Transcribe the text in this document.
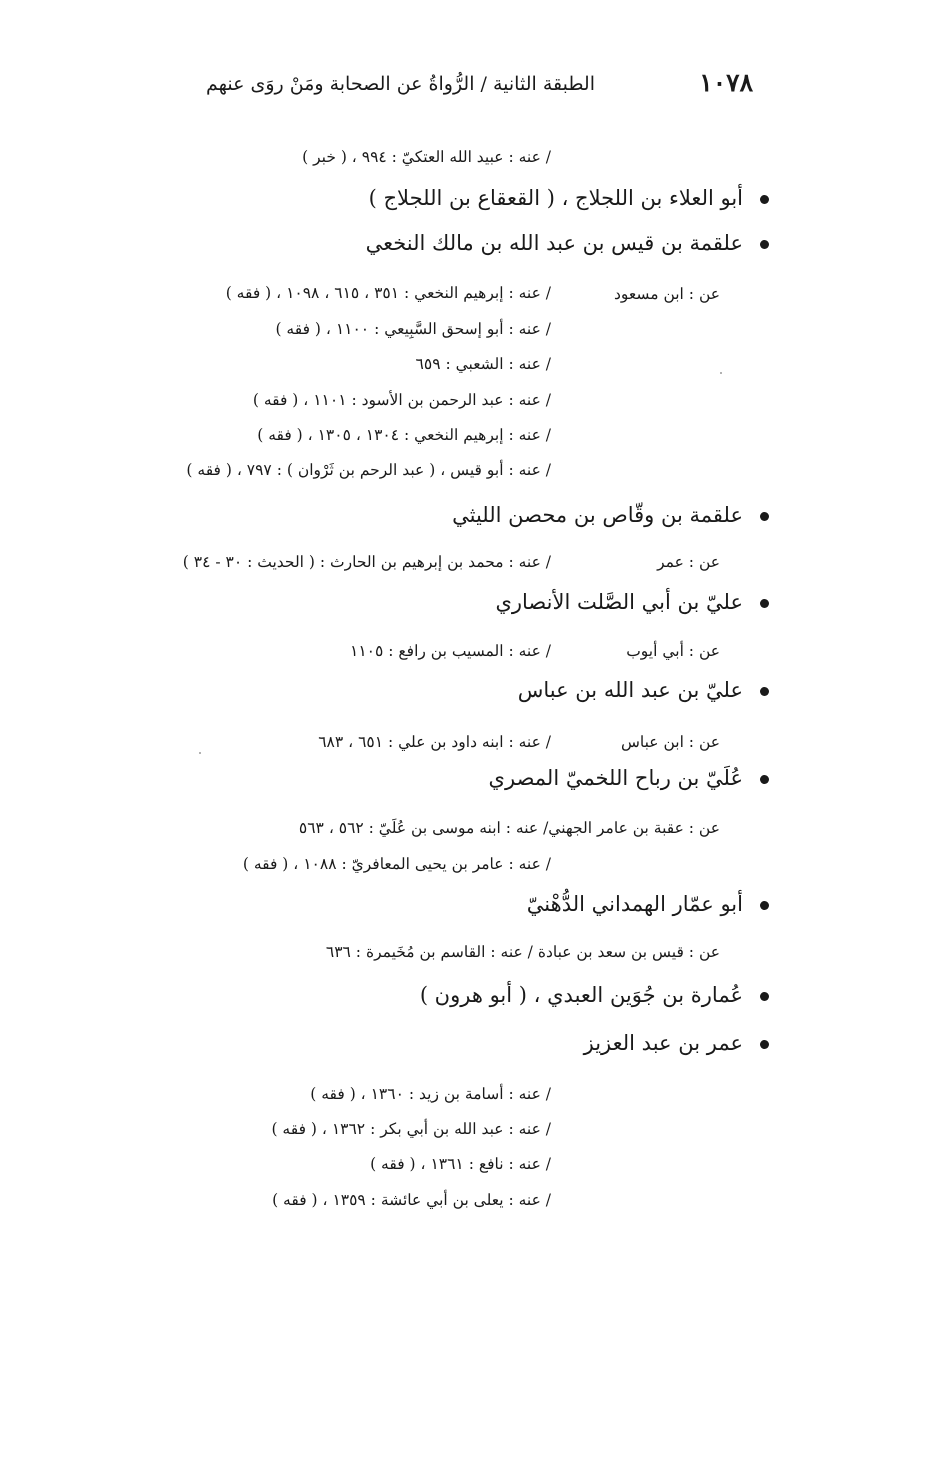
١٠٧٨
الطبقة الثانية / الرُّواةُ عن الصحابة ومَنْ روَى عنهم
/ عنه : عبيد الله العتكيّ : ٩٩٤ ، ( خبر )
أبو العلاء بن اللجلاج ، ( القعقاع بن اللجلاج )
علقمة بن قيس بن عبد الله بن مالك النخعي
عن : ابن مسعود
/ عنه : إبرهيم النخعي : ٣٥١ ، ٦١٥ ، ١٠٩٨ ، ( فقه )
/ عنه : أبو إسحق السَّبِيعي : ١١٠٠ ، ( فقه )
/ عنه : الشعبي : ٦٥٩
/ عنه : عبد الرحمن بن الأسود : ١١٠١ ، ( فقه )
/ عنه : إبرهيم النخعي : ١٣٠٤ ، ١٣٠٥ ، ( فقه )
/ عنه : أبو قيس ، ( عبد الرحم بن ثَرْوان ) : ٧٩٧ ، ( فقه )
علقمة بن وقّاص بن محصن الليثي
عن : عمر
/ عنه : محمد بن إبرهيم بن الحارث : ( الحديث : ٣٠ - ٣٤ )
عليّ بن أبي الصَّلت الأنصاري
عن : أبي أيوب
/ عنه : المسيب بن رافع : ١١٠٥
عليّ بن عبد الله بن عباس
عن : ابن عباس
/ عنه : ابنه داود بن علي : ٦٥١ ، ٦٨٣
عُلَيّ بن رباح اللخميّ المصري
عن : عقبة بن عامر الجهني/ عنه : ابنه موسى بن عُلَيّ : ٥٦٢ ، ٥٦٣
/ عنه : عامر بن يحيى المعافريّ : ١٠٨٨ ، ( فقه )
أبو عمّار الهمداني الدُّهْنيّ
عن : قيس بن سعد بن عبادة / عنه : القاسم بن مُخَيمرة : ٦٣٦
عُمارة بن جُوَين العبدي ، ( أبو هرون )
عمر بن عبد العزيز
/ عنه : أسامة بن زيد : ١٣٦٠ ، ( فقه )
/ عنه : عبد الله بن أبي بكر : ١٣٦٢ ، ( فقه )
/ عنه : نافع : ١٣٦١ ، ( فقه )
/ عنه : يعلى بن أبي عائشة : ١٣٥٩ ، ( فقه )
